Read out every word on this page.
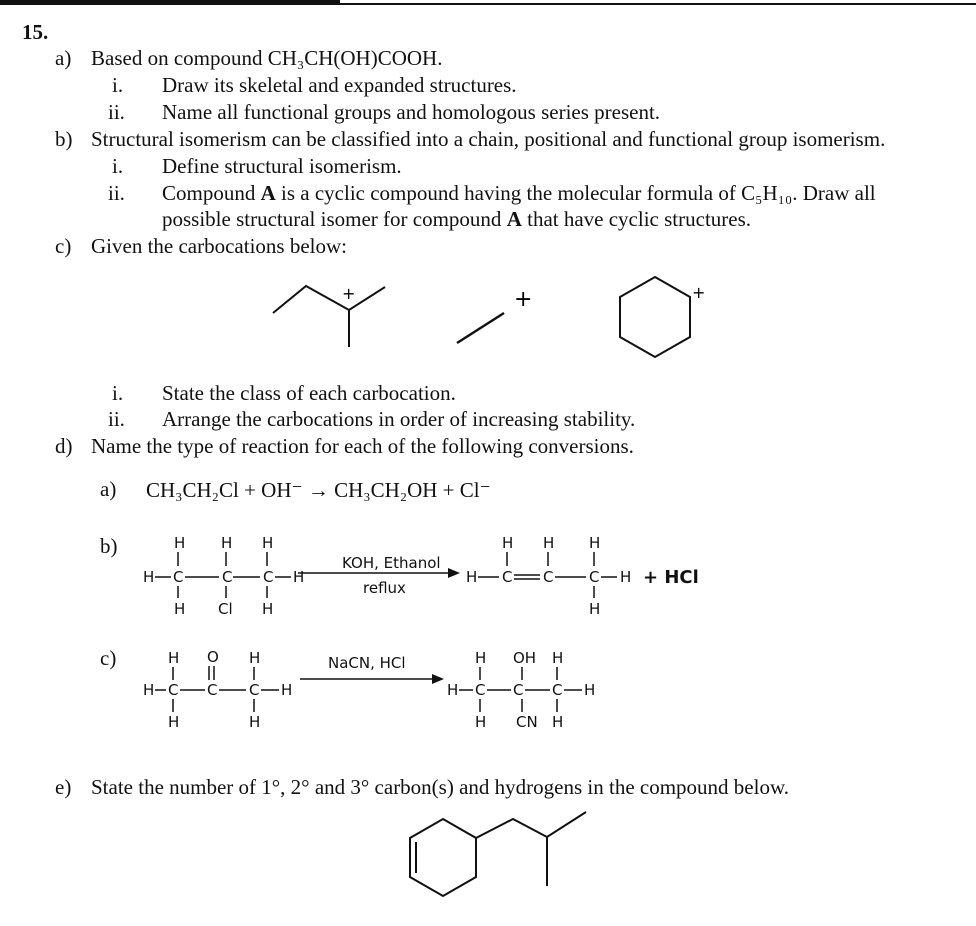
15.
a) Based on compound CH₃CH(OH)COOH.
i. Draw its skeletal and expanded structures.
ii. Name all functional groups and homologous series present.
b) Structural isomerism can be classified into a chain, positional and functional group isomerism.
i. Define structural isomerism.
ii. Compound A is a cyclic compound having the molecular formula of C₅H₁₀. Draw all
possible structural isomer for compound A that have cyclic structures.
c) Given the carbocations below:
+	+	+
i. State the class of each carbocation.
ii. Arrange the carbocations in order of increasing stability.
d) Name the type of reaction for each of the following conversions.
a) CH₃CH₂Cl + OH⁻ → CH₃CH₂OH + Cl⁻
b)	H H H
H C	C C H
H Cl H
KOH, Ethanol
reflux
H H H
H C C C H
H
+ HCl
c)	H O H
H C C C H
H	H
NaCN, HCl	H OH H
H C C C H
H CN H
e) State the number of 1°, 2° and 3° carbon(s) and hydrogens in the compound below.
